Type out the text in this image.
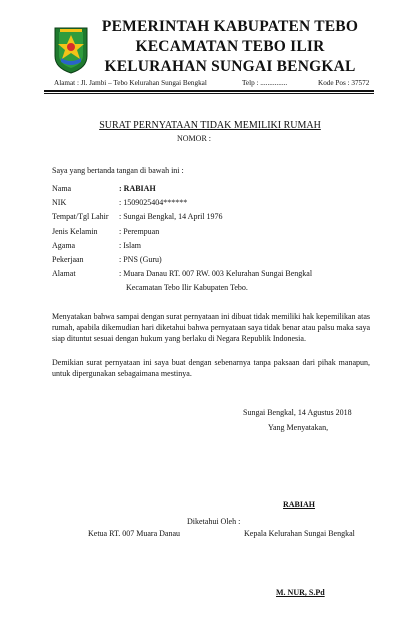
PEMERINTAH KABUPATEN TEBO
KECAMATAN TEBO ILIR
KELURAHAN SUNGAI BENGKAL
Alamat : Jl. Jambi – Tebo Kelurahan Sungai Bengkal	Telp : ...............	Kode Pos : 37572
SURAT PERNYATAAN TIDAK MEMILIKI RUMAH
NOMOR :
Saya yang bertanda tangan di bawah ini :
Nama	: RABIAH
NIK	: 1509025404******
Tempat/Tgl Lahir : Sungai Bengkal, 14 April 1976
Jenis Kelamin	: Perempuan
Agama	: Islam
Pekerjaan	: PNS (Guru)
Alamat	: Muara Danau RT. 007 RW. 003 Kelurahan Sungai Bengkal
Kecamatan Tebo Ilir Kabupaten Tebo.
Menyatakan bahwa sampai dengan surat pernyataan ini dibuat tidak memiliki hak kepemilikan atas rumah, apabila dikemudian hari diketahui bahwa pernyataan saya tidak benar atau palsu maka saya siap dituntut sesuai dengan hukum yang berlaku di Negara Republik Indonesia.
Demikian surat pernyataan ini saya buat dengan sebenarnya tanpa paksaan dari pihak manapun, untuk dipergunakan sebagaimana mestinya.
Sungai Bengkal, 14 Agustus 2018
Yang Menyatakan,
RABIAH
Diketahui Oleh :
Ketua RT. 007 Muara Danau	Kepala Kelurahan Sungai Bengkal
M. NUR, S.Pd
